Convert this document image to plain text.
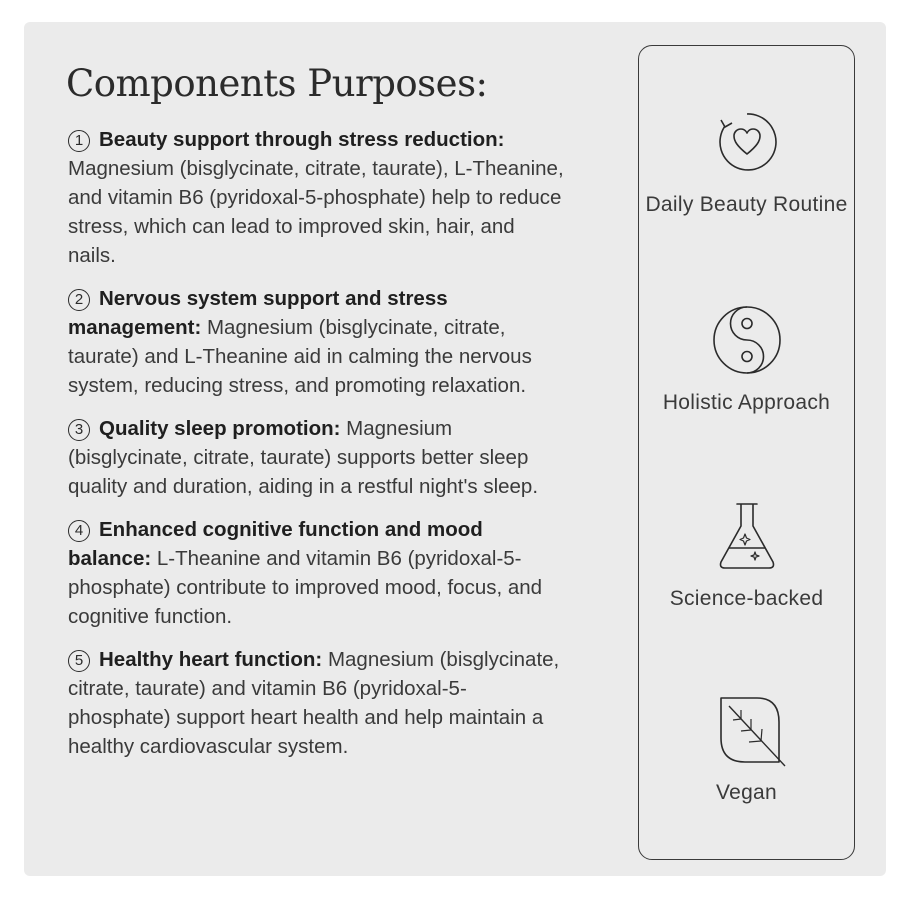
Components Purposes:
1 Beauty support through stress reduction: Magnesium (bisglycinate, citrate, taurate), L-Theanine, and vitamin B6 (pyridoxal-5-phosphate) help to reduce stress, which can lead to improved skin, hair, and nails.
2 Nervous system support and stress management: Magnesium (bisglycinate, citrate, taurate) and L-Theanine aid in calming the nervous system, reducing stress, and promoting relaxation.
3 Quality sleep promotion: Magnesium (bisglycinate, citrate, taurate) supports better sleep quality and duration, aiding in a restful night's sleep.
4 Enhanced cognitive function and mood balance: L-Theanine and vitamin B6 (pyridoxal-5-phosphate) contribute to improved mood, focus, and cognitive function.
5 Healthy heart function: Magnesium (bisglycinate, citrate, taurate) and vitamin B6 (pyridoxal-5-phosphate) support heart health and help maintain a healthy cardiovascular system.
Daily Beauty Routine
Holistic Approach
Science-backed
Vegan
